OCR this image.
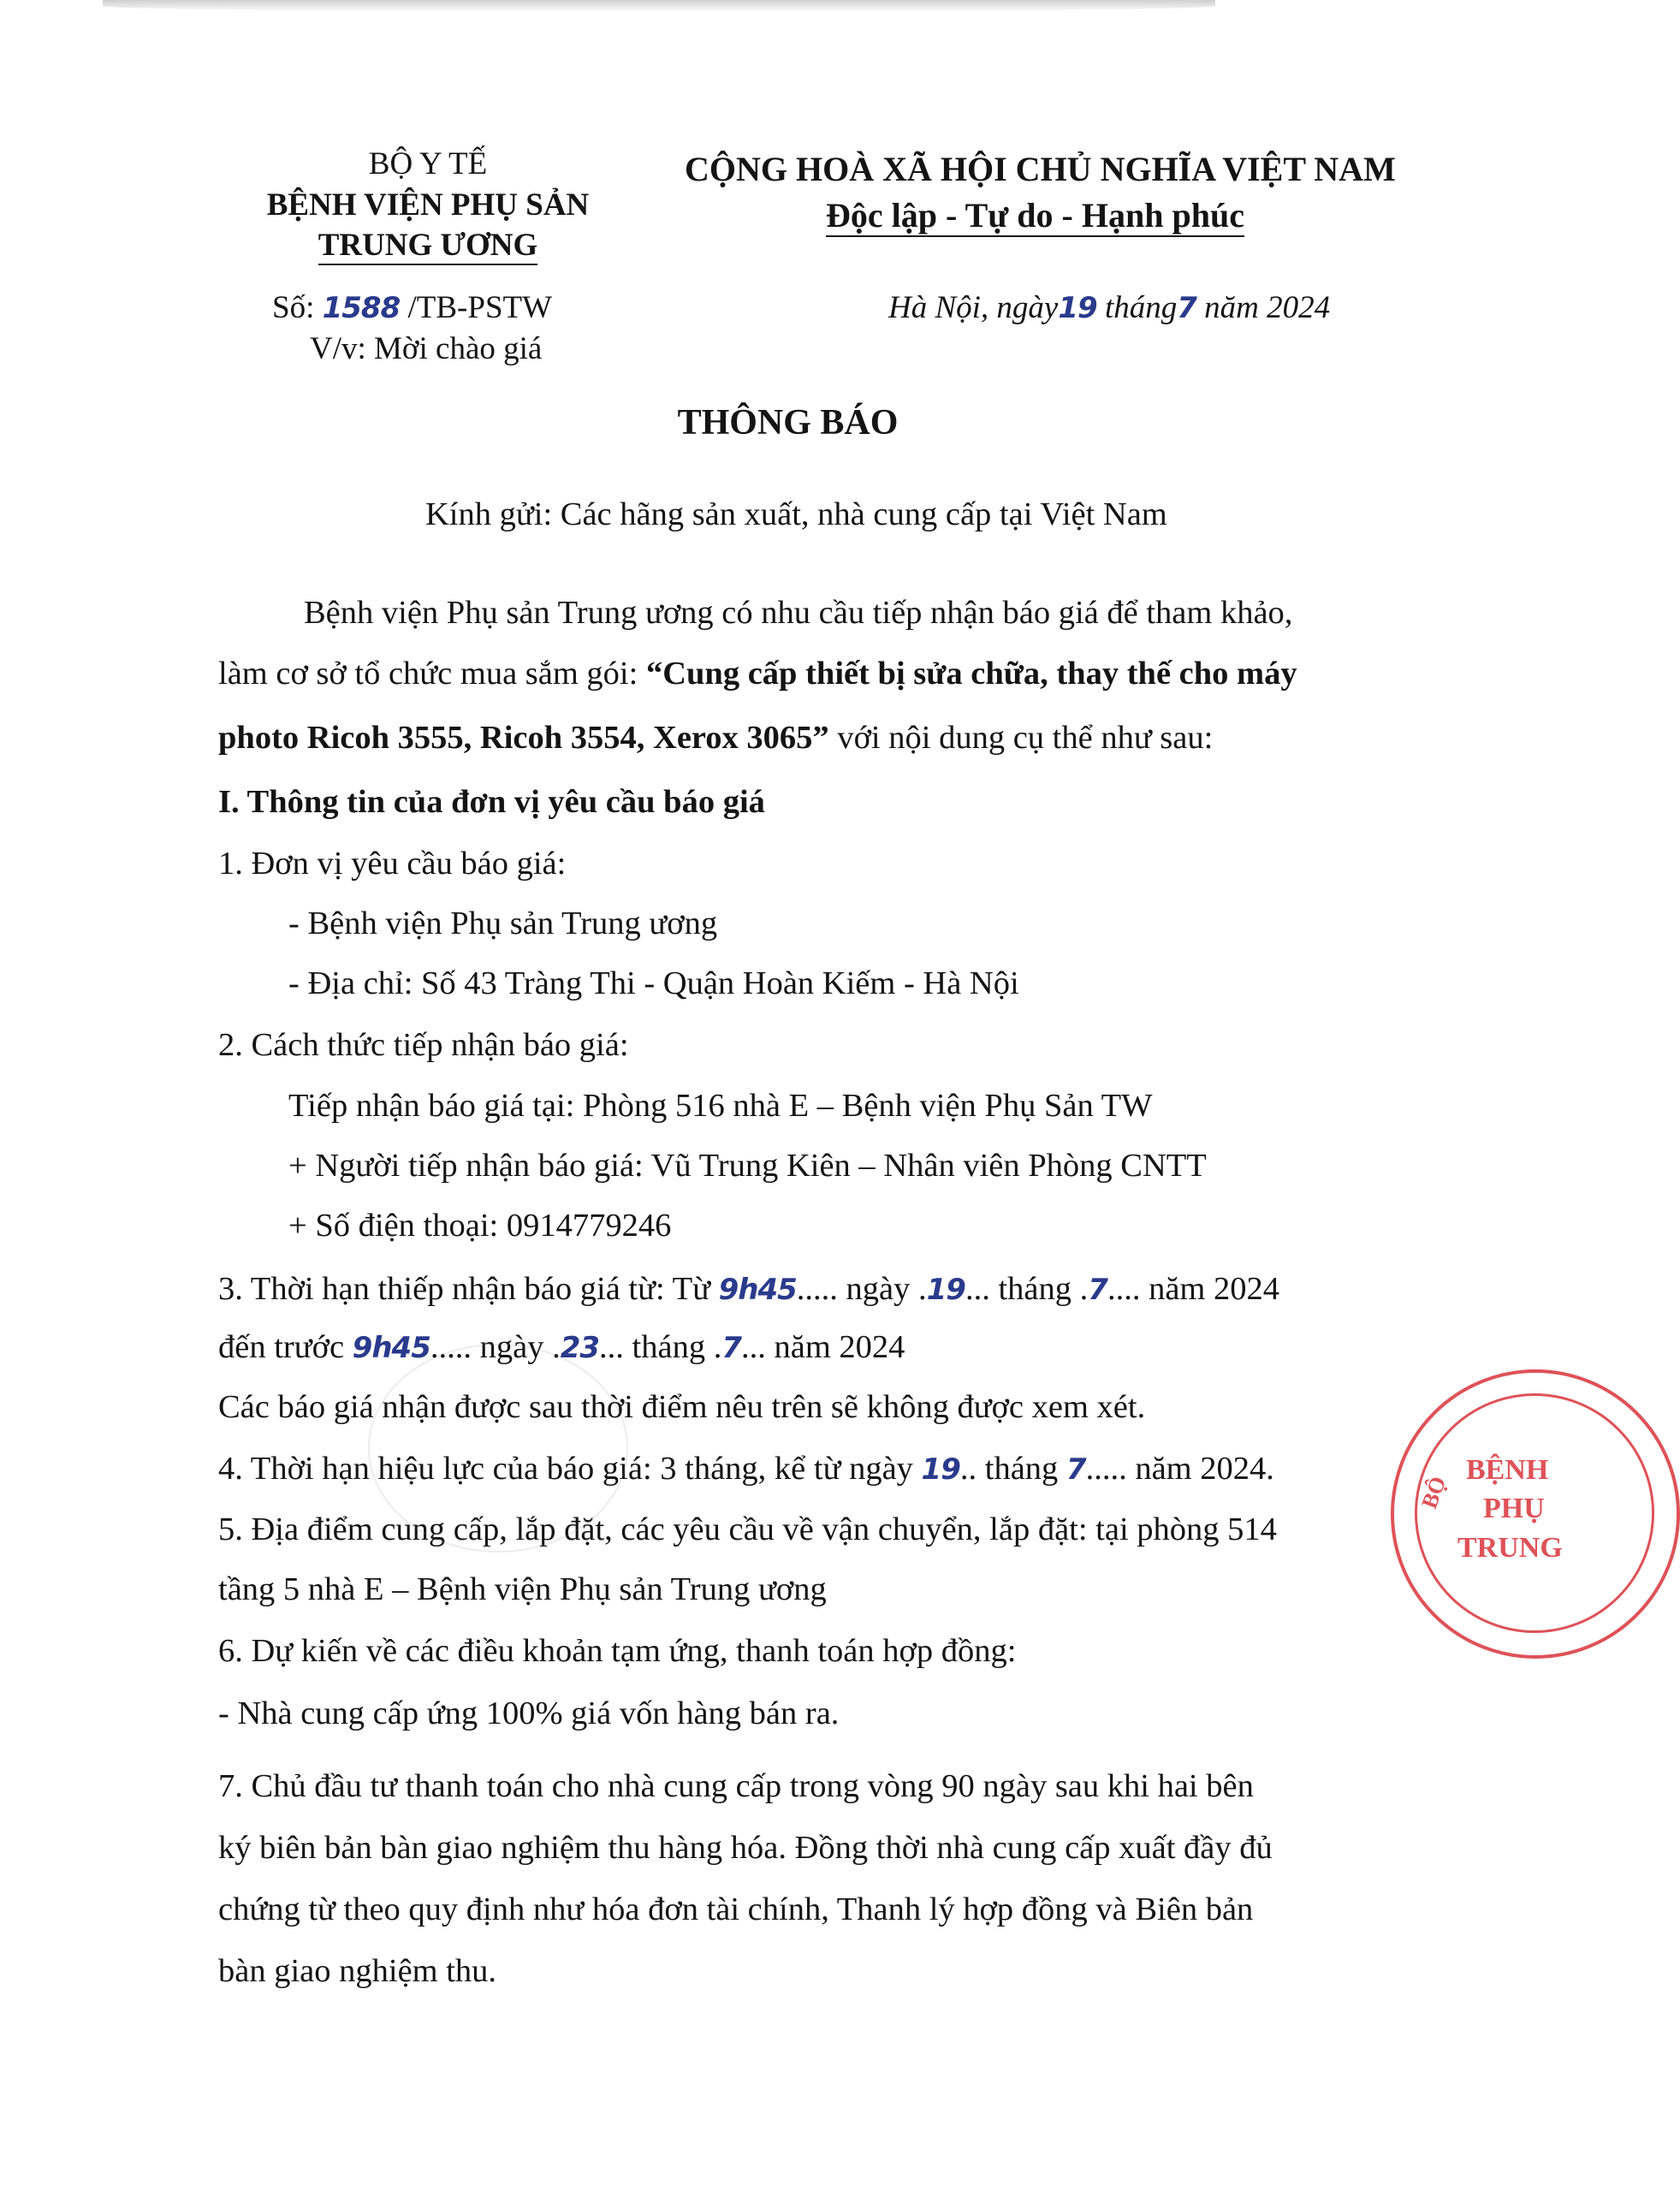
BỘ Y TẾ
BỆNH VIỆN PHỤ SẢN
TRUNG ƯƠNG
Số: 1588 /TB-PSTW
V/v: Mời chào giá
CỘNG HOÀ XÃ HỘI CHỦ NGHĨA VIỆT NAM
Độc lập - Tự do - Hạnh phúc
Hà Nội, ngày19 tháng7 năm 2024
THÔNG BÁO
Kính gửi: Các hãng sản xuất, nhà cung cấp tại Việt Nam
Bệnh viện Phụ sản Trung ương có nhu cầu tiếp nhận báo giá để tham khảo,
làm cơ sở tổ chức mua sắm gói: “Cung cấp thiết bị sửa chữa, thay thế cho máy
photo Ricoh 3555, Ricoh 3554, Xerox 3065” với nội dung cụ thể như sau:
I. Thông tin của đơn vị yêu cầu báo giá
1. Đơn vị yêu cầu báo giá:
- Bệnh viện Phụ sản Trung ương
- Địa chỉ: Số 43 Tràng Thi - Quận Hoàn Kiếm - Hà Nội
2. Cách thức tiếp nhận báo giá:
Tiếp nhận báo giá tại: Phòng 516 nhà E – Bệnh viện Phụ Sản TW
+ Người tiếp nhận báo giá: Vũ Trung Kiên – Nhân viên Phòng CNTT
+ Số điện thoại: 0914779246
3. Thời hạn thiếp nhận báo giá từ: Từ 9h45..... ngày .19... tháng .7.... năm 2024
đến trước 9h45..... ngày .23... tháng .7... năm 2024
Các báo giá nhận được sau thời điểm nêu trên sẽ không được xem xét.
4. Thời hạn hiệu lực của báo giá: 3 tháng, kể từ ngày 19.. tháng 7..... năm 2024.
5. Địa điểm cung cấp, lắp đặt, các yêu cầu về vận chuyển, lắp đặt: tại phòng 514
tầng 5 nhà E – Bệnh viện Phụ sản Trung ương
6. Dự kiến về các điều khoản tạm ứng, thanh toán hợp đồng:
- Nhà cung cấp ứng 100% giá vốn hàng bán ra.
7. Chủ đầu tư thanh toán cho nhà cung cấp trong vòng 90 ngày sau khi hai bên
ký biên bản bàn giao nghiệm thu hàng hóa. Đồng thời nhà cung cấp xuất đầy đủ
chứng từ theo quy định như hóa đơn tài chính, Thanh lý hợp đồng và Biên bản
bàn giao nghiệm thu.
BỘ
BỆNH
PHỤ
TRUNG
